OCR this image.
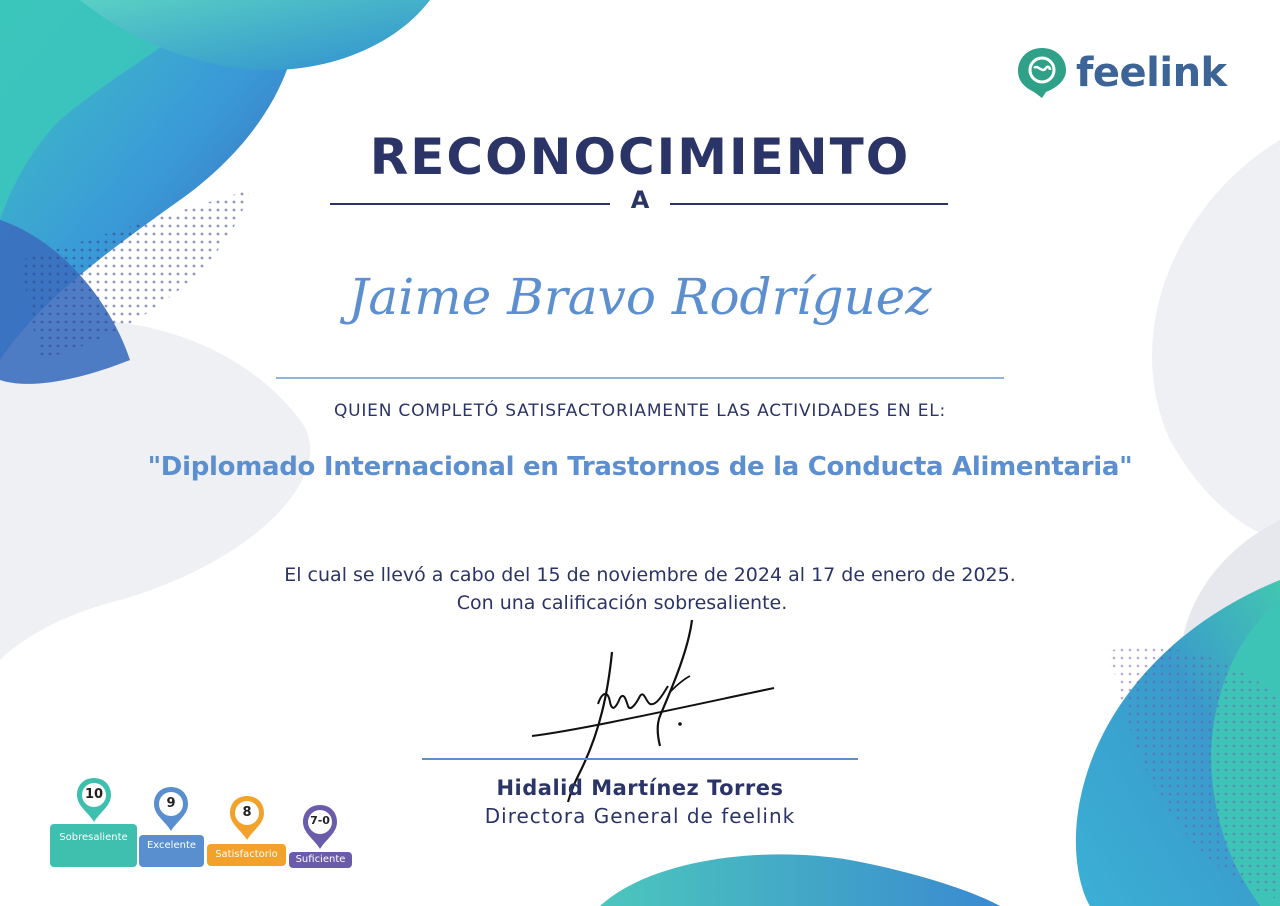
feelink
RECONOCIMIENTO
A
Jaime Bravo Rodríguez
QUIEN COMPLETÓ SATISFACTORIAMENTE LAS ACTIVIDADES EN EL:
"Diplomado Internacional en Trastornos de la Conducta Alimentaria"
El cual se llevó a cabo del 15 de noviembre de 2024 al 17 de enero de 2025.
Con una calificación sobresaliente.
Hidalid Martínez Torres
Directora General de feelink
10
Sobresaliente
9
Excelente
8
Satisfactorio
7-0
Suficiente
